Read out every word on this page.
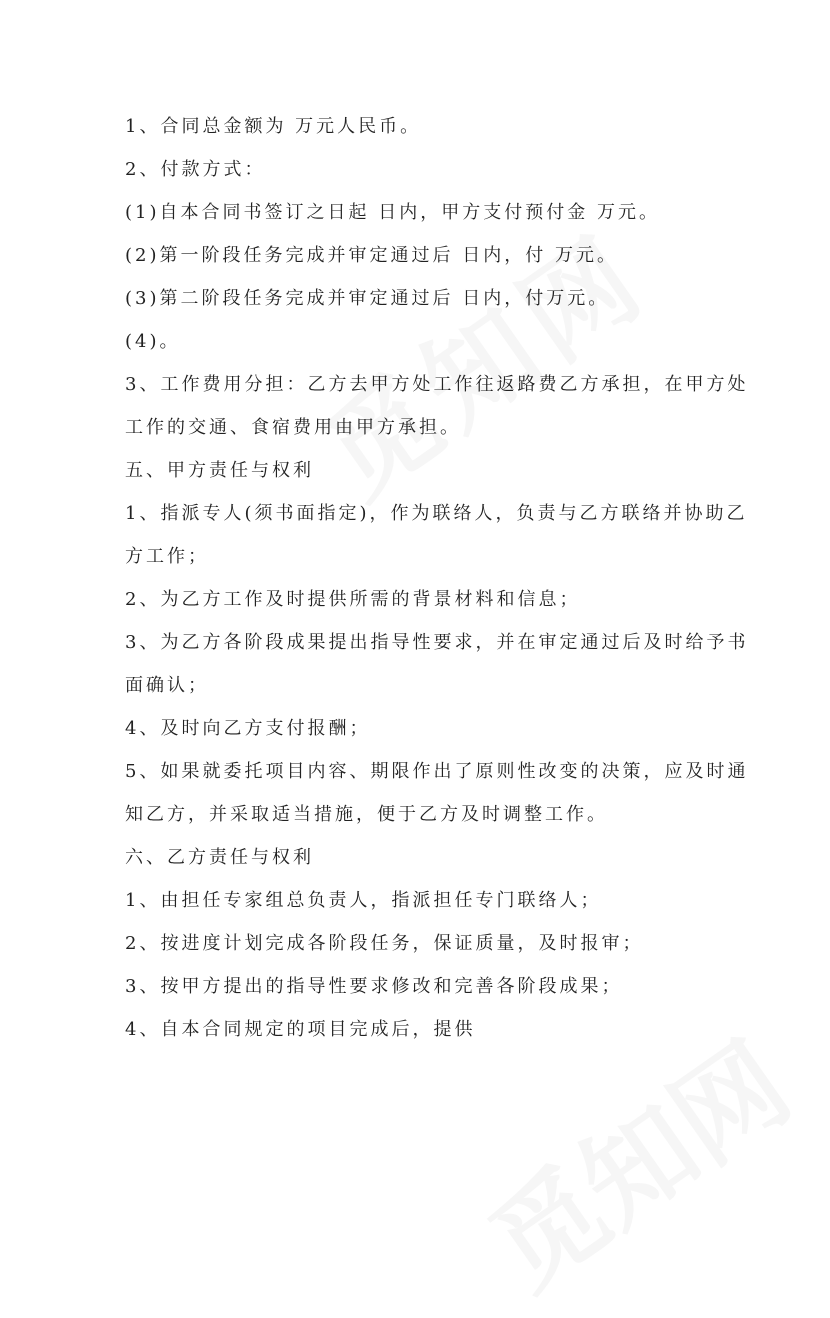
1、合同总金额为 万元人民币。
2、付款方式：
(1)自本合同书签订之日起 日内，甲方支付预付金 万元。
(2)第一阶段任务完成并审定通过后 日内，付 万元。
(3)第二阶段任务完成并审定通过后 日内，付万元。
(4)。
3、工作费用分担：乙方去甲方处工作往返路费乙方承担，在甲方处
工作的交通、食宿费用由甲方承担。
五、甲方责任与权利
1、指派专人(须书面指定)，作为联络人，负责与乙方联络并协助乙
方工作；
2、为乙方工作及时提供所需的背景材料和信息；
3、为乙方各阶段成果提出指导性要求，并在审定通过后及时给予书
面确认；
4、及时向乙方支付报酬；
5、如果就委托项目内容、期限作出了原则性改变的决策，应及时通
知乙方，并采取适当措施，便于乙方及时调整工作。
六、乙方责任与权利
1、由担任专家组总负责人，指派担任专门联络人；
2、按进度计划完成各阶段任务，保证质量，及时报审；
3、按甲方提出的指导性要求修改和完善各阶段成果；
4、自本合同规定的项目完成后，提供
